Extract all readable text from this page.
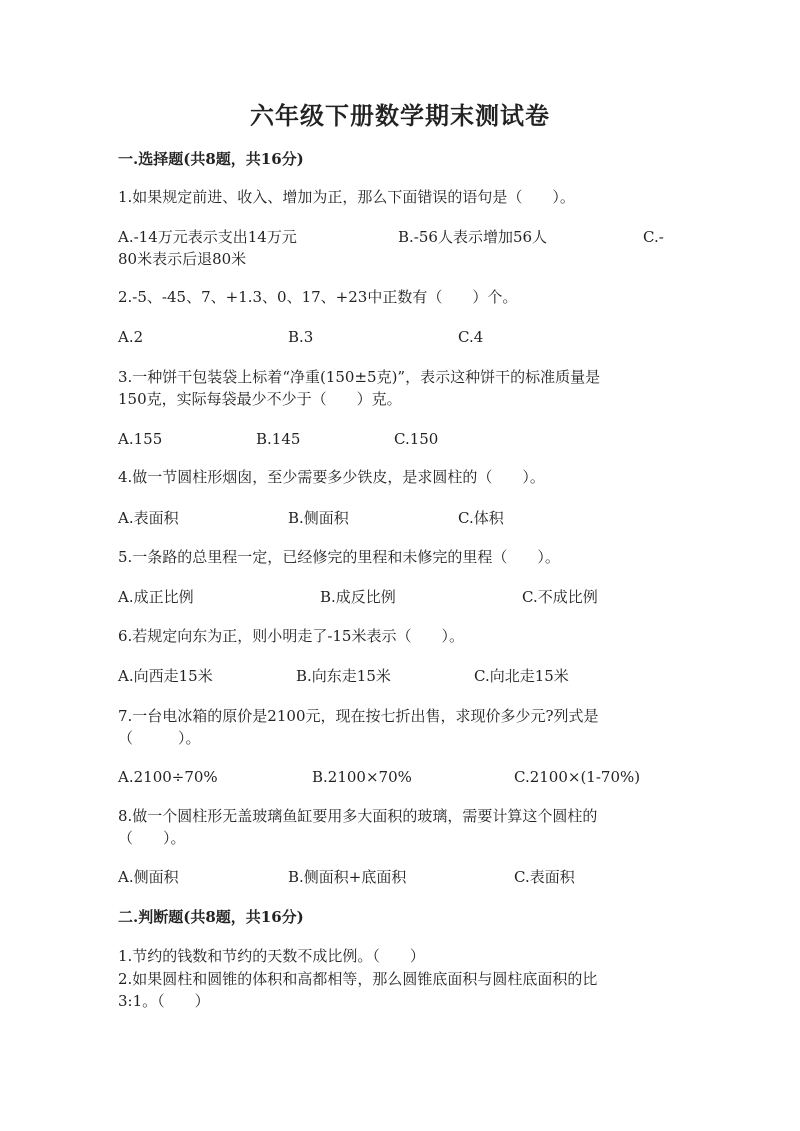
六年级下册数学期末测试卷
一.选择题(共8题，共16分)
1.如果规定前进、收入、增加为正，那么下面错误的语句是（　　）。
A.-14万元表示支出14万元	B.-56人表示增加56人	C.-
80米表示后退80米
2.-5、-45、7、+1.3、0、17、+23中正数有（　　）个。
A.2	B.3	C.4
3.一种饼干包装袋上标着“净重(150±5克)”，表示这种饼干的标准质量是
150克，实际每袋最少不少于（　　）克。
A.155	B.145	C.150
4.做一节圆柱形烟囱，至少需要多少铁皮，是求圆柱的（　　）。
A.表面积	B.侧面积	C.体积
5.一条路的总里程一定，已经修完的里程和未修完的里程（　　）。
A.成正比例	B.成反比例	C.不成比例
6.若规定向东为正，则小明走了-15米表示（　　）。
A.向西走15米	B.向东走15米	C.向北走15米
7.一台电冰箱的原价是2100元，现在按七折出售，求现价多少元?列式是
（　　　）。
A.2100÷70%	B.2100×70%	C.2100×(1-70%)
8.做一个圆柱形无盖玻璃鱼缸要用多大面积的玻璃，需要计算这个圆柱的
（　　）。
A.侧面积	B.侧面积+底面积	C.表面积
二.判断题(共8题，共16分)
1.节约的钱数和节约的天数不成比例。（　　）
2.如果圆柱和圆锥的体积和高都相等，那么圆锥底面积与圆柱底面积的比
3:1。（　　）
